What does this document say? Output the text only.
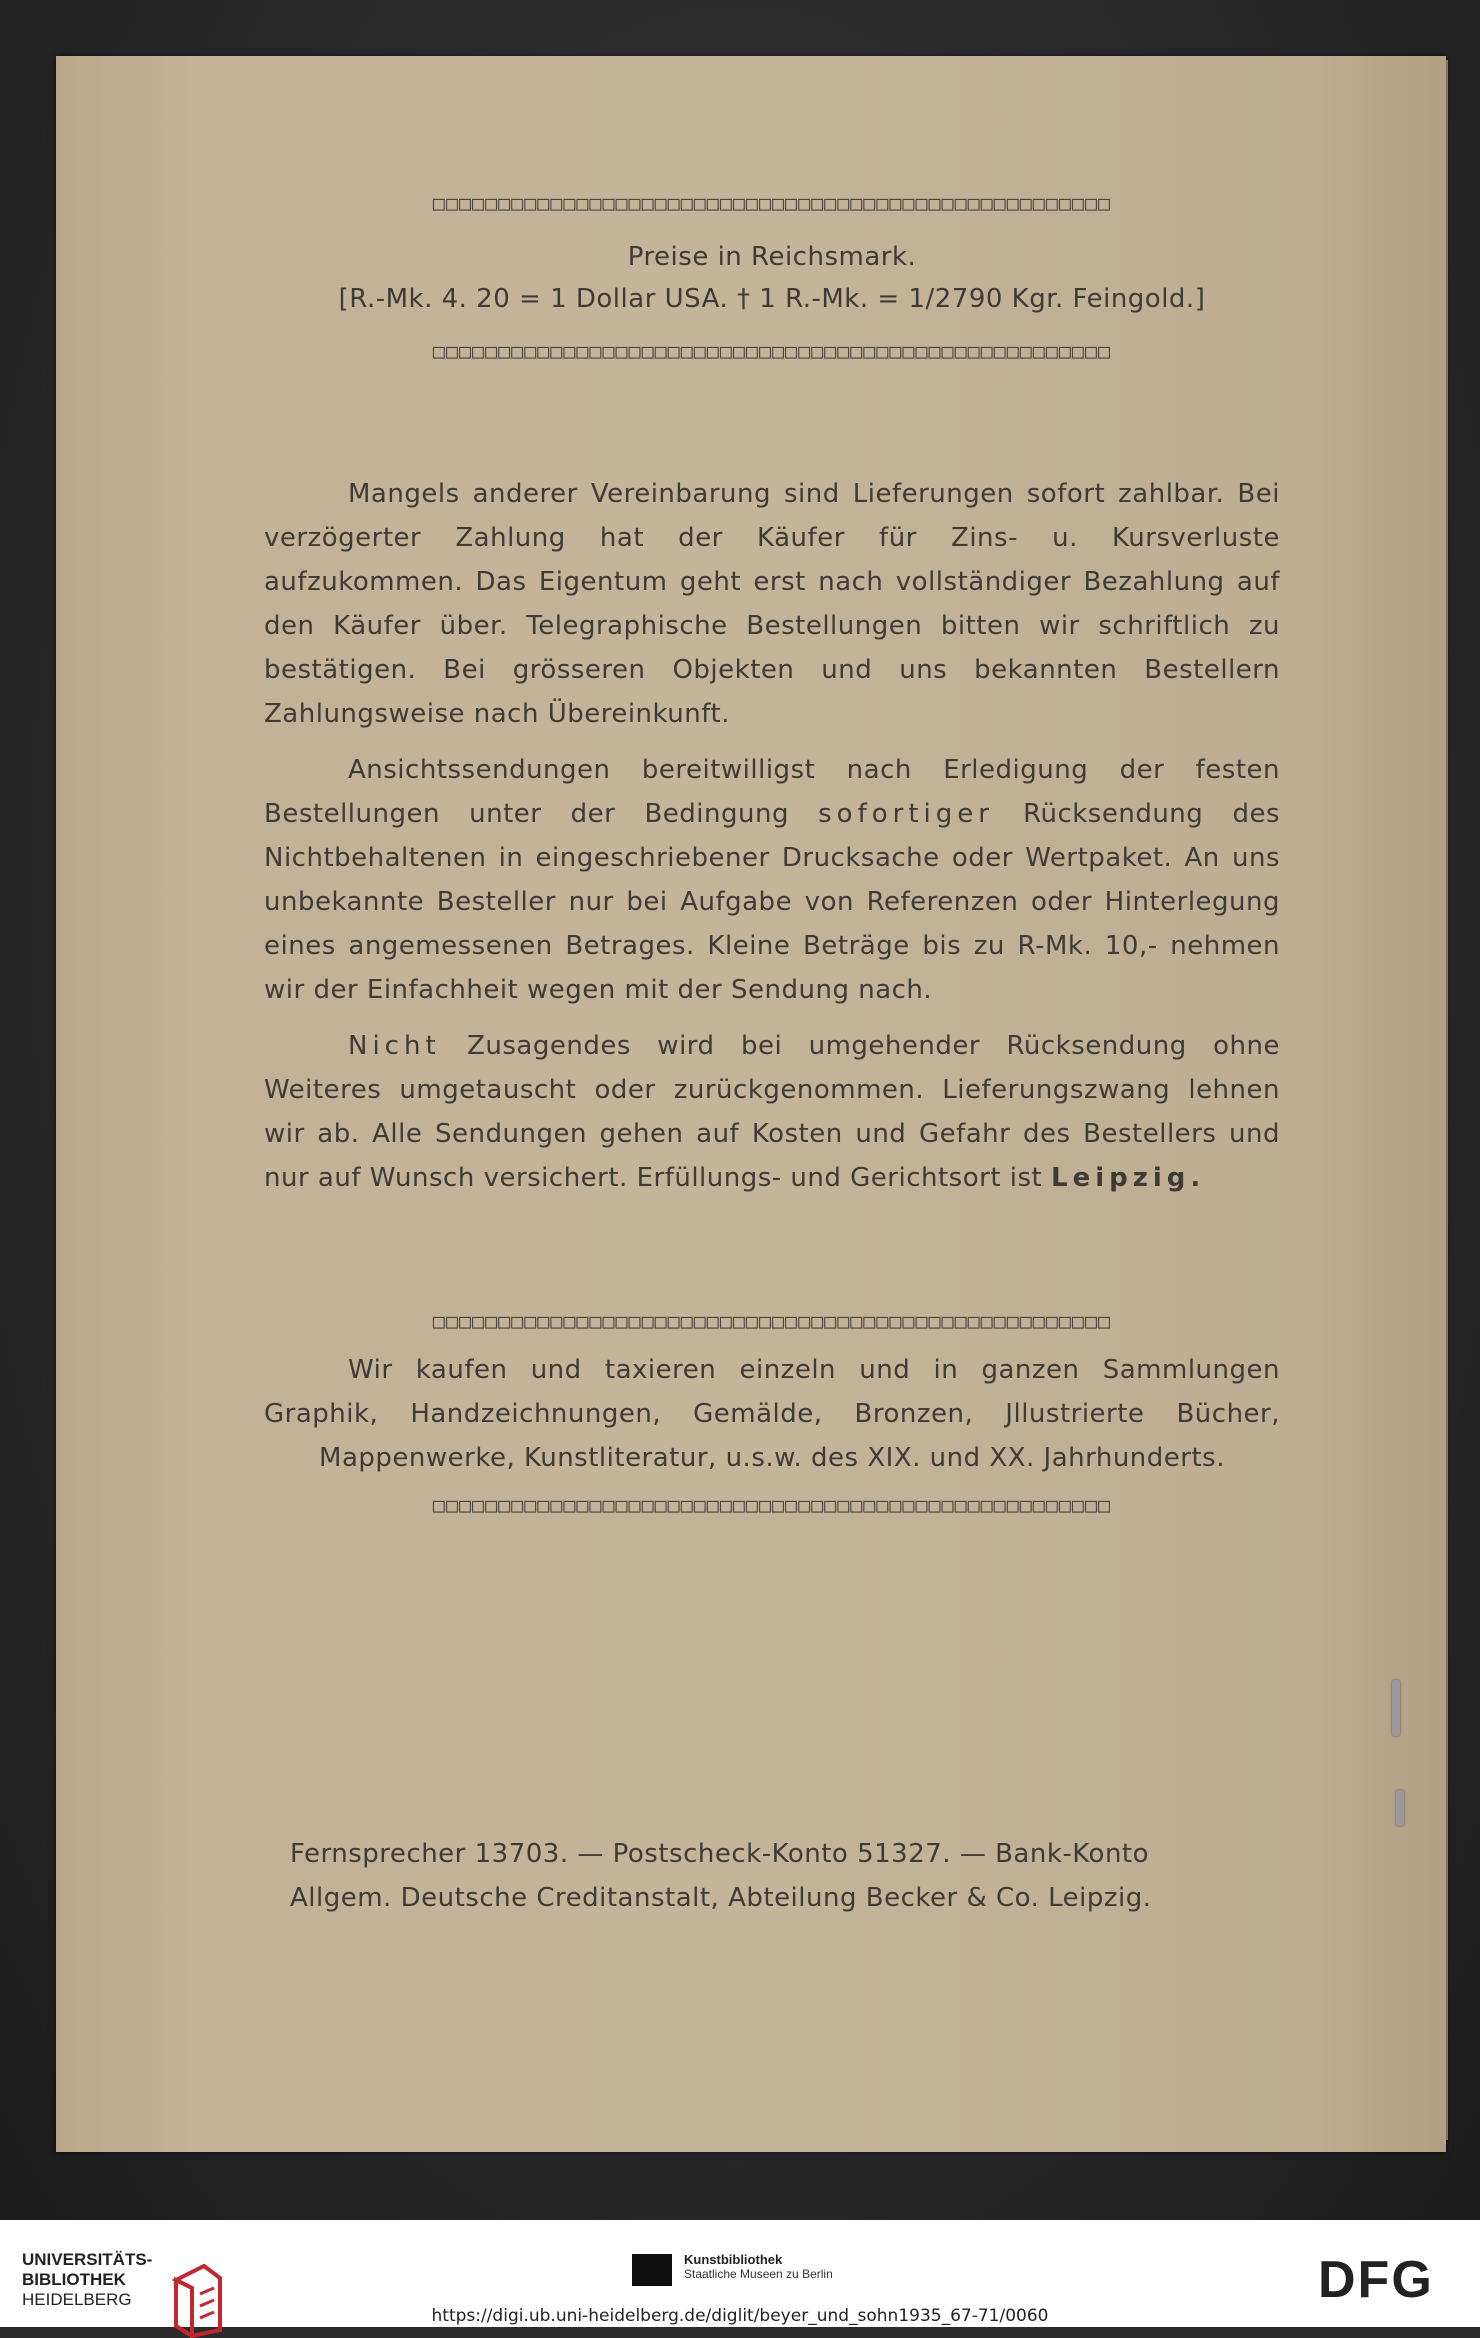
□□□□□□□□□□□□□□□□□□□□□□□□□□□□□□□□□□□□□□□□□□□□□□□□□□□□
Preise in Reichsmark.
[R.-Mk. 4. 20 = 1 Dollar USA. † 1 R.-Mk. = 1/2790 Kgr. Feingold.]
□□□□□□□□□□□□□□□□□□□□□□□□□□□□□□□□□□□□□□□□□□□□□□□□□□□□

Mangels anderer Vereinbarung sind Lieferungen sofort zahlbar. Bei verzögerter Zahlung hat der Käufer für Zins- u. Kursverluste aufzukommen. Das Eigentum geht erst nach vollständiger Bezahlung auf den Käufer über. Telegraphische Bestellungen bitten wir schriftlich zu bestätigen. Bei grösseren Objekten und uns bekannten Bestellern Zahlungsweise nach Übereinkunft.

Ansichtssendungen bereitwilligst nach Erledigung der festen Bestellungen unter der Bedingung sofortiger Rücksendung des Nichtbehaltenen in eingeschriebener Drucksache oder Wertpaket. An uns unbekannte Besteller nur bei Aufgabe von Referenzen oder Hinterlegung eines angemessenen Betrages. Kleine Beträge bis zu R-Mk. 10,- nehmen wir der Einfachheit wegen mit der Sendung nach.

Nicht Zusagendes wird bei umgehender Rücksendung ohne Weiteres umgetauscht oder zurückgenommen. Lieferungszwang lehnen wir ab. Alle Sendungen gehen auf Kosten und Gefahr des Bestellers und nur auf Wunsch versichert. Erfüllungs- und Gerichtsort ist Leipzig.

□□□□□□□□□□□□□□□□□□□□□□□□□□□□□□□□□□□□□□□□□□□□□□□□□□□□

Wir kaufen und taxieren einzeln und in ganzen Sammlungen Graphik, Handzeichnungen, Gemälde, Bronzen, Jllustrierte Bücher, Mappenwerke, Kunstliteratur, u.s.w. des XIX. und XX. Jahrhunderts.

□□□□□□□□□□□□□□□□□□□□□□□□□□□□□□□□□□□□□□□□□□□□□□□□□□□□
Fernsprecher 13703. — Postscheck-Konto 51327. — Bank-Konto
Allgem. Deutsche Creditanstalt, Abteilung Becker & Co. Leipzig.
UNIVERSITÄTS-
BIBLIOTHEK
HEIDELBERG
Kunstbibliothek
Staatliche Museen zu Berlin	DFG
https://digi.ub.uni-heidelberg.de/diglit/beyer_und_sohn1935_67-71/0060
